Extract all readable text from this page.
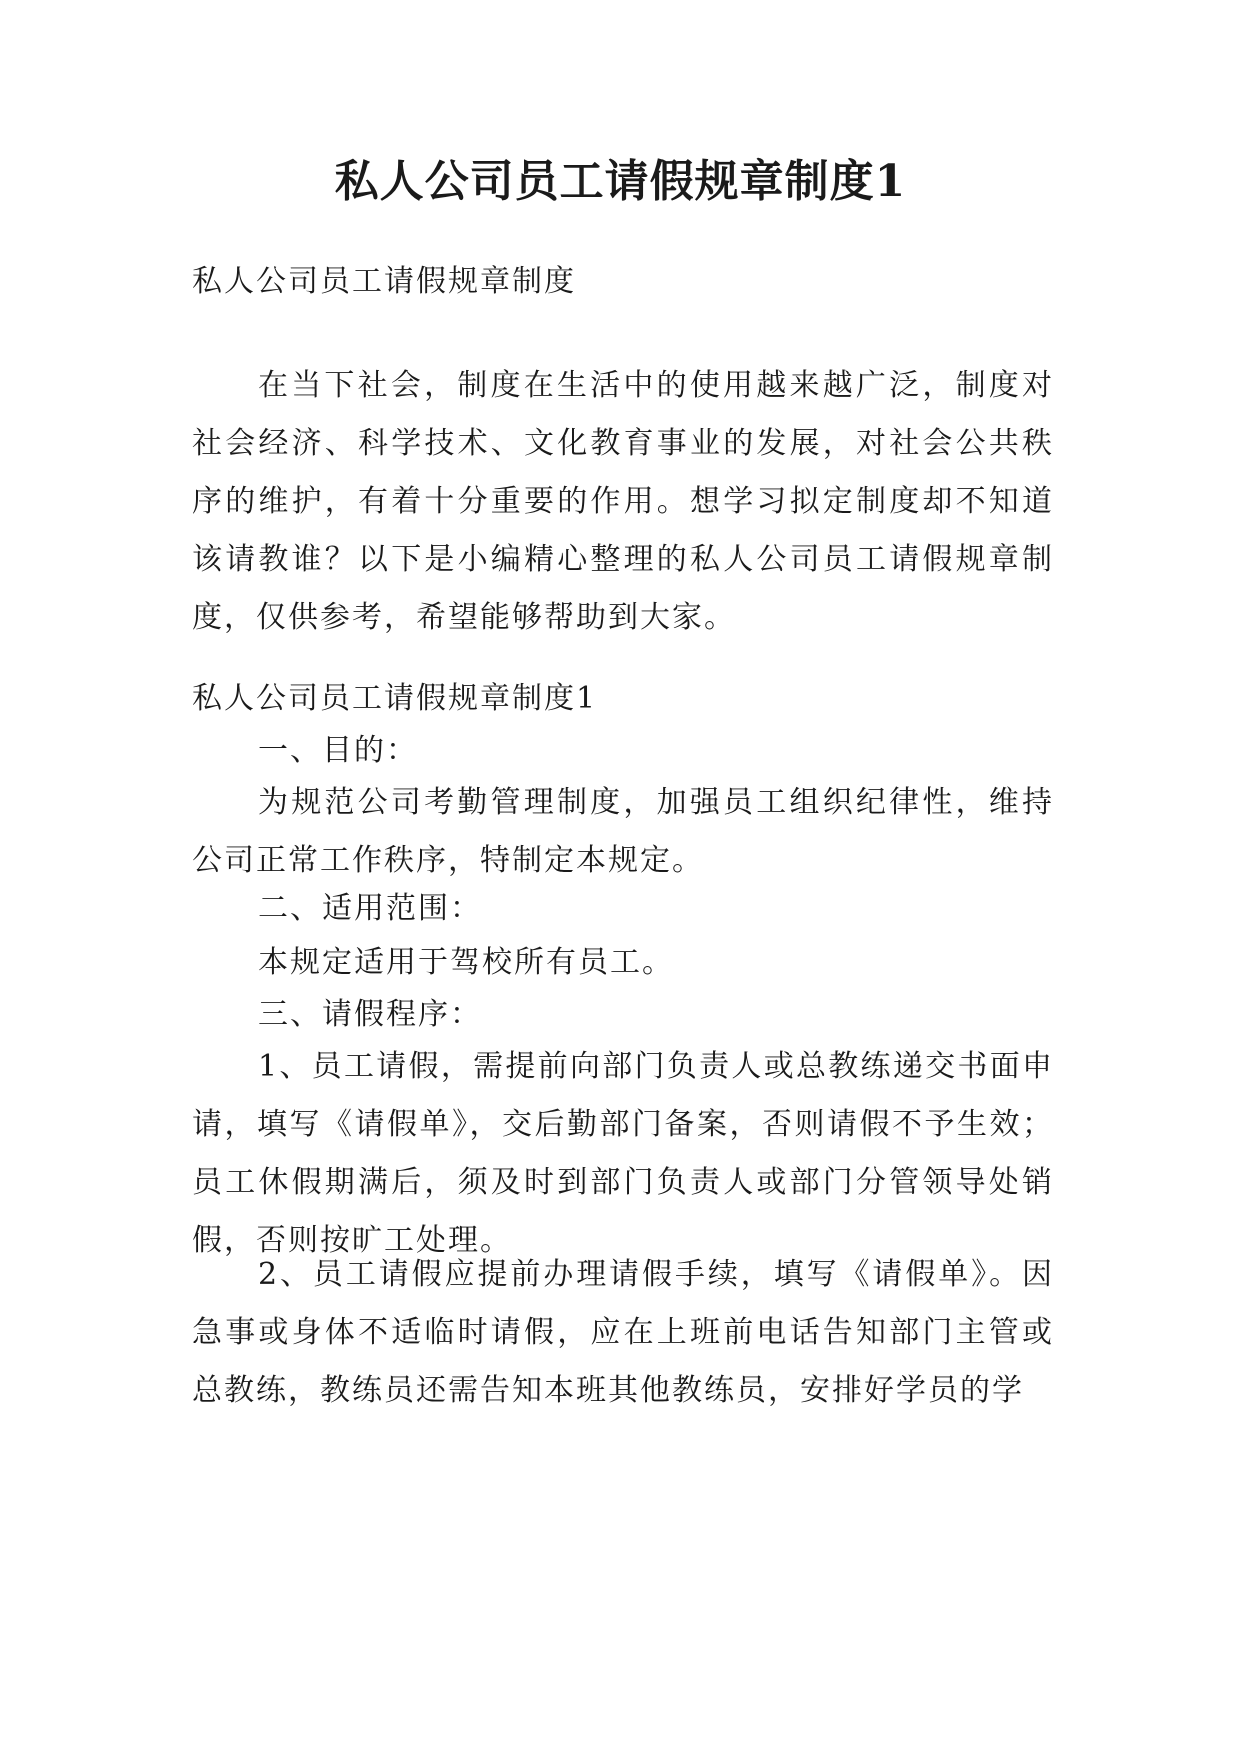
私人公司员工请假规章制度1

私人公司员工请假规章制度

在当下社会，制度在生活中的使用越来越广泛，制度对社会经济、科学技术、文化教育事业的发展，对社会公共秩序的维护，有着十分重要的作用。想学习拟定制度却不知道该请教谁？以下是小编精心整理的私人公司员工请假规章制度，仅供参考，希望能够帮助到大家。

私人公司员工请假规章制度1

一、目的：

为规范公司考勤管理制度，加强员工组织纪律性，维持公司正常工作秩序，特制定本规定。

二、适用范围：

本规定适用于驾校所有员工。

三、请假程序：

1、员工请假，需提前向部门负责人或总教练递交书面申请，填写《请假单》，交后勤部门备案，否则请假不予生效；员工休假期满后，须及时到部门负责人或部门分管领导处销假，否则按旷工处理。

2、员工请假应提前办理请假手续，填写《请假单》。因急事或身体不适临时请假，应在上班前电话告知部门主管或总教练，教练员还需告知本班其他教练员，安排好学员的学
